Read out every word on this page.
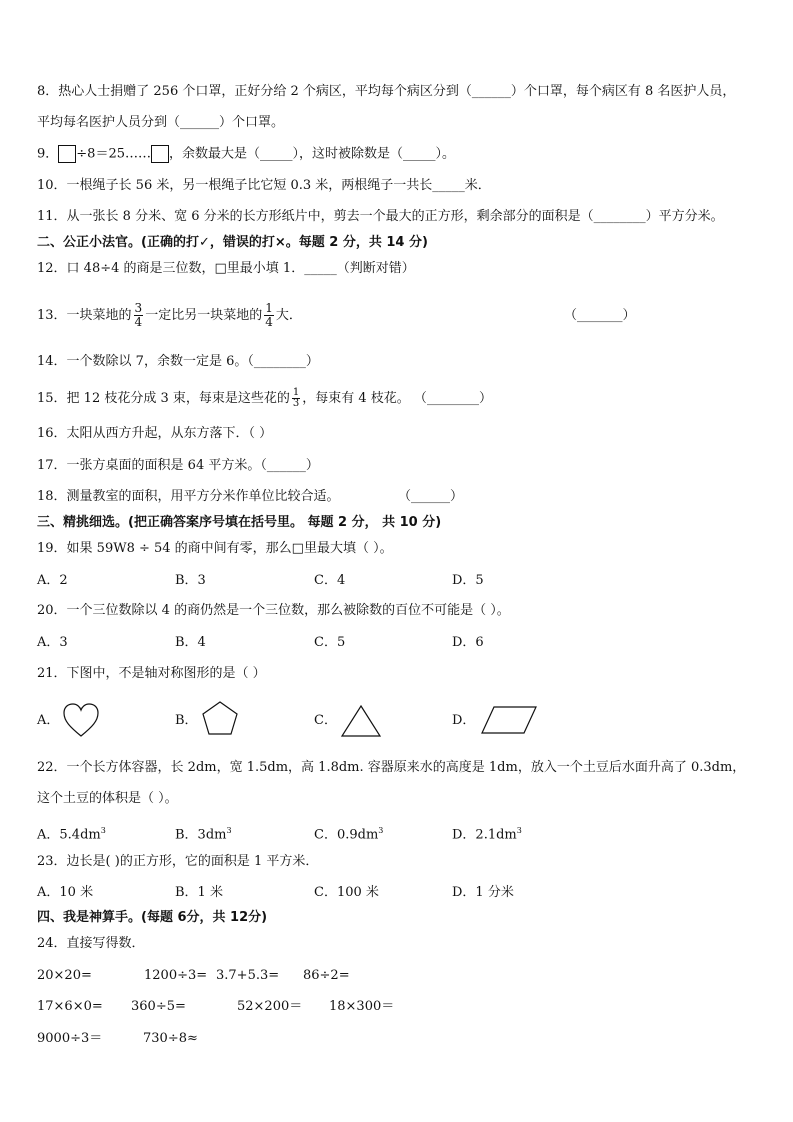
8．热心人士捐赠了 256 个口罩，正好分给 2 个病区，平均每个病区分到（______）个口罩，每个病区有 8 名医护人员，
平均每名医护人员分到（______）个口罩。
9． ÷8＝25…… ，余数最大是（_____），这时被除数是（_____）。
10．一根绳子长 56 米，另一根绳子比它短 0.3 米，两根绳子一共长_____米．
11．从一张长 8 分米、宽 6 分米的长方形纸片中，剪去一个最大的正方形，剩余部分的面积是（________）平方分米。
二、公正小法官。(正确的打✓，错误的打×。每题 2 分，共 14 分)
12．口 48÷4 的商是三位数，□里最小填 1．_____（判断对错）
13．一块菜地的 $\frac{3}{4}$ 一定比另一块菜地的 $\frac{1}{4}$ 大．	（_______）
14．一个数除以 7，余数一定是 6。（________）
15．把 12 枝花分成 3 束，每束是这些花的 $\frac{1}{3}$ ，每束有 4 枝花。 （________）
16．太阳从西方升起，从东方落下．（ ）
17．一张方桌面的面积是 64 平方米。（______）
18．测量教室的面积，用平方分米作单位比较合适。	（______）
三、精挑细选。(把正确答案序号填在括号里。 每题 2 分， 共 10 分)
19．如果 59W8 ÷ 54 的商中间有零，那么□里最大填（ ）。
A．2	B．3	C．4	D．5
20．一个三位数除以 4 的商仍然是一个三位数，那么被除数的百位不可能是（ ）。
A．3	B．4	C．5	D．6
21．下图中，不是轴对称图形的是（ ）
A．	B．	C．	D．
22．一个长方体容器，长 2dm，宽 1.5dm，高 1.8dm. 容器原来水的高度是 1dm，放入一个土豆后水面升高了 0.3dm，
这个土豆的体积是（ ）。
A．$5.4dm^3$	B．$3dm^3$	C．$0.9dm^3$	D．$2.1dm^3$
23．边长是( )的正方形，它的面积是 1 平方米．
A．10 米	B．1 米	C．100 米	D．1 分米
四、我是神算手。(每题 6分，共 12分)
24．直接写得数．
20×20=	1200÷3= 3.7+5.3= 86÷2=
17×6×0= 360÷5=	52×200＝ 18×300＝
9000÷3＝	730÷8≈
